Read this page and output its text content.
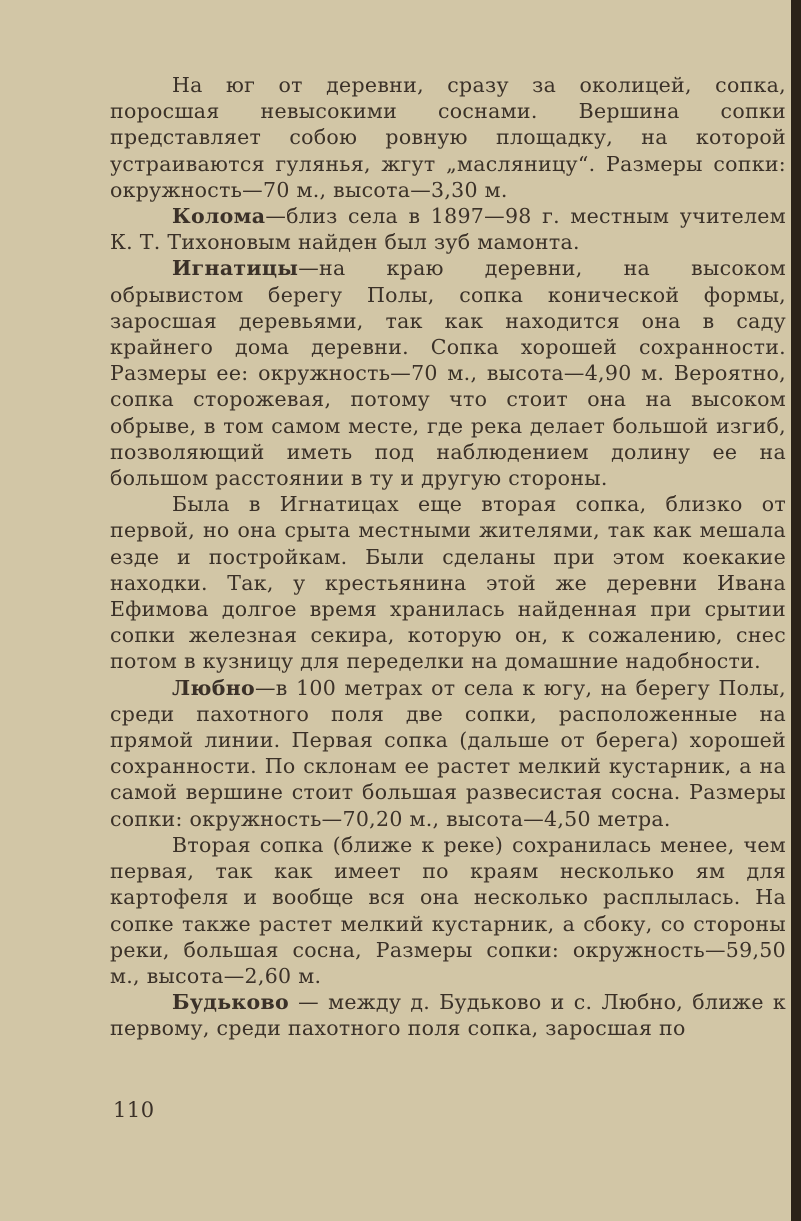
На юг от деревни, сразу за околицей, сопка, поросшая невысокими соснами. Вершина сопки представляет собою ровную площадку, на которой устраиваются гулянья, жгут „масляницу“. Размеры сопки: окружность—70 м., высота—3,30 м.

Колома—близ села в 1897—98 г. местным учителем К. Т. Тихоновым найден был зуб мамонта.

Игнатицы—на краю деревни, на высоком обрывистом берегу Полы, сопка конической формы, заросшая деревьями, так как находится она в саду крайнего дома деревни. Сопка хорошей сохранности. Размеры ее: окружность—70 м., высота—4,90 м. Вероятно, сопка сторожевая, потому что стоит она на высоком обрыве, в том самом месте, где река делает большой изгиб, позволяющий иметь под наблюдением долину ее на большом расстоянии в ту и другую стороны.

Была в Игнатицах еще вторая сопка, близко от первой, но она срыта местными жителями, так как мешала езде и постройкам. Были сделаны при этом коекакие находки. Так, у крестьянина этой же деревни Ивана Ефимова долгое время хранилась найденная при срытии сопки железная секира, которую он, к сожалению, снес потом в кузницу для переделки на домашние надобности.

Любно—в 100 метрах от села к югу, на берегу Полы, среди пахотного поля две сопки, расположенные на прямой линии. Первая сопка (дальше от берега) хорошей сохранности. По склонам ее растет мелкий кустарник, а на самой вершине стоит большая развесистая сосна. Размеры сопки: окружность—70,20 м., высота—4,50 метра.

Вторая сопка (ближе к реке) сохранилась менее, чем первая, так как имеет по краям несколько ям для картофеля и вообще вся она несколько расплылась. На сопке также растет мелкий кустарник, а сбоку, со стороны реки, большая сосна, Размеры сопки: окружность—59,50 м., высота—2,60 м.

Будьково — между д. Будьково и с. Любно, ближе к первому, среди пахотного поля сопка, заросшая по

110
